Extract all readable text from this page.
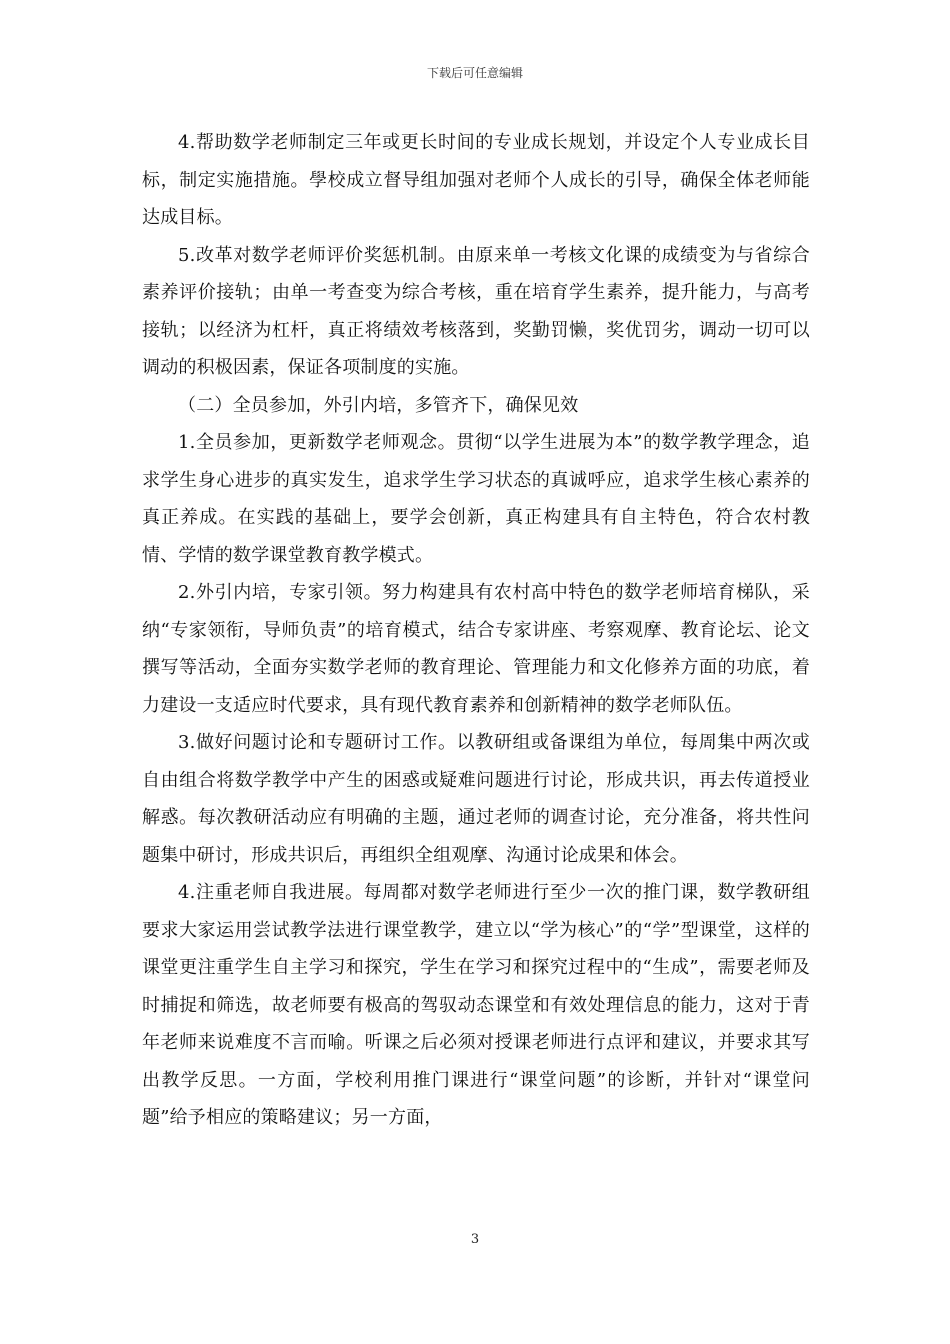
下载后可任意编辑

4.帮助数学老师制定三年或更长时间的专业成长规划，并设定个人专业成长目标，制定实施措施。學校成立督导组加强对老师个人成长的引导，确保全体老师能达成目标。

5.改革对数学老师评价奖惩机制。由原来单一考核文化课的成绩变为与省综合素养评价接轨；由单一考查变为综合考核，重在培育学生素养，提升能力，与高考接轨；以经济为杠杆，真正将绩效考核落到，奖勤罚懒，奖优罚劣，调动一切可以调动的积极因素，保证各项制度的实施。

（二）全员参加，外引内培，多管齐下，确保见效

1.全员参加，更新数学老师观念。贯彻“以学生进展为本”的数学教学理念，追求学生身心进步的真实发生，追求学生学习状态的真诚呼应，追求学生核心素养的真正养成。在实践的基础上，要学会创新，真正构建具有自主特色，符合农村教情、学情的数学课堂教育教学模式。

2.外引内培，专家引领。努力构建具有农村高中特色的数学老师培育梯队，采纳“专家领衔，导师负责”的培育模式，结合专家讲座、考察观摩、教育论坛、论文撰写等活动，全面夯实数学老师的教育理论、管理能力和文化修养方面的功底，着力建设一支适应时代要求，具有现代教育素养和创新精神的数学老师队伍。

3.做好问题讨论和专题研讨工作。以教研组或备课组为单位，每周集中两次或自由组合将数学教学中产生的困惑或疑难问题进行讨论，形成共识，再去传道授业解惑。每次教研活动应有明确的主题，通过老师的调查讨论，充分准备，将共性问题集中研讨，形成共识后，再组织全组观摩、沟通讨论成果和体会。

4.注重老师自我进展。每周都对数学老师进行至少一次的推门课，数学教研组要求大家运用尝试教学法进行课堂教学，建立以“学为核心”的“学”型课堂，这样的课堂更注重学生自主学习和探究，学生在学习和探究过程中的“生成”，需要老师及时捕捉和筛选，故老师要有极高的驾驭动态课堂和有效处理信息的能力，这对于青年老师来说难度不言而喻。听课之后必须对授课老师进行点评和建议，并要求其写出教学反思。一方面，学校利用推门课进行“课堂问题”的诊断，并针对“课堂问题”给予相应的策略建议；另一方面，

3
